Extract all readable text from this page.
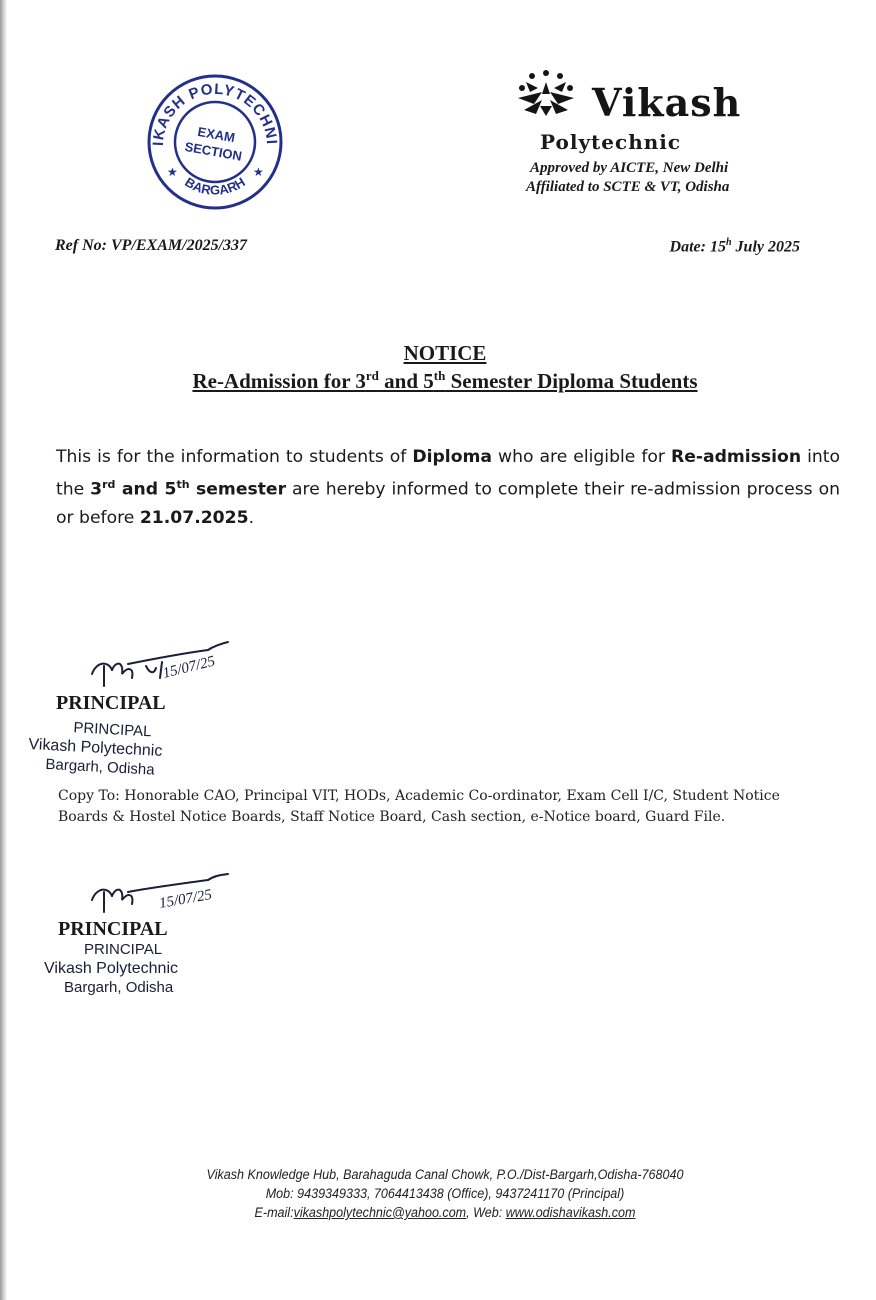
IKASH POLYTECHNI
BARGARH
★	★
EXAM
SECTION
Vikash
Polytechnic
Approved by AICTE, New Delhi
Affiliated to SCTE & VT, Odisha
Ref No: VP/EXAM/2025/337	Date: 15$^h$ July 2025
NOTICE
Re-Admission for 3rd and 5th Semester Diploma Students
This is for the information to students of Diploma who are eligible for Re-admission into the 3rd and 5th semester are hereby informed to complete their re-admission process on or before 21.07.2025.
15/07/25
PRINCIPAL
PRINCIPAL
Vikash Polytechnic
Bargarh, Odisha
Copy To: Honorable CAO, Principal VIT, HODs, Academic Co-ordinator, Exam Cell I/C, Student Notice Boards & Hostel Notice Boards, Staff Notice Board, Cash section, e-Notice board, Guard File.
15/07/25
PRINCIPAL
PRINCIPAL
Vikash Polytechnic
Bargarh, Odisha
Vikash Knowledge Hub, Barahaguda Canal Chowk, P.O./Dist-Bargarh,Odisha-768040
Mob: 9439349333, 7064413438 (Office), 9437241170 (Principal)
E-mail:vikashpolytechnic@yahoo.com, Web: www.odishavikash.com
